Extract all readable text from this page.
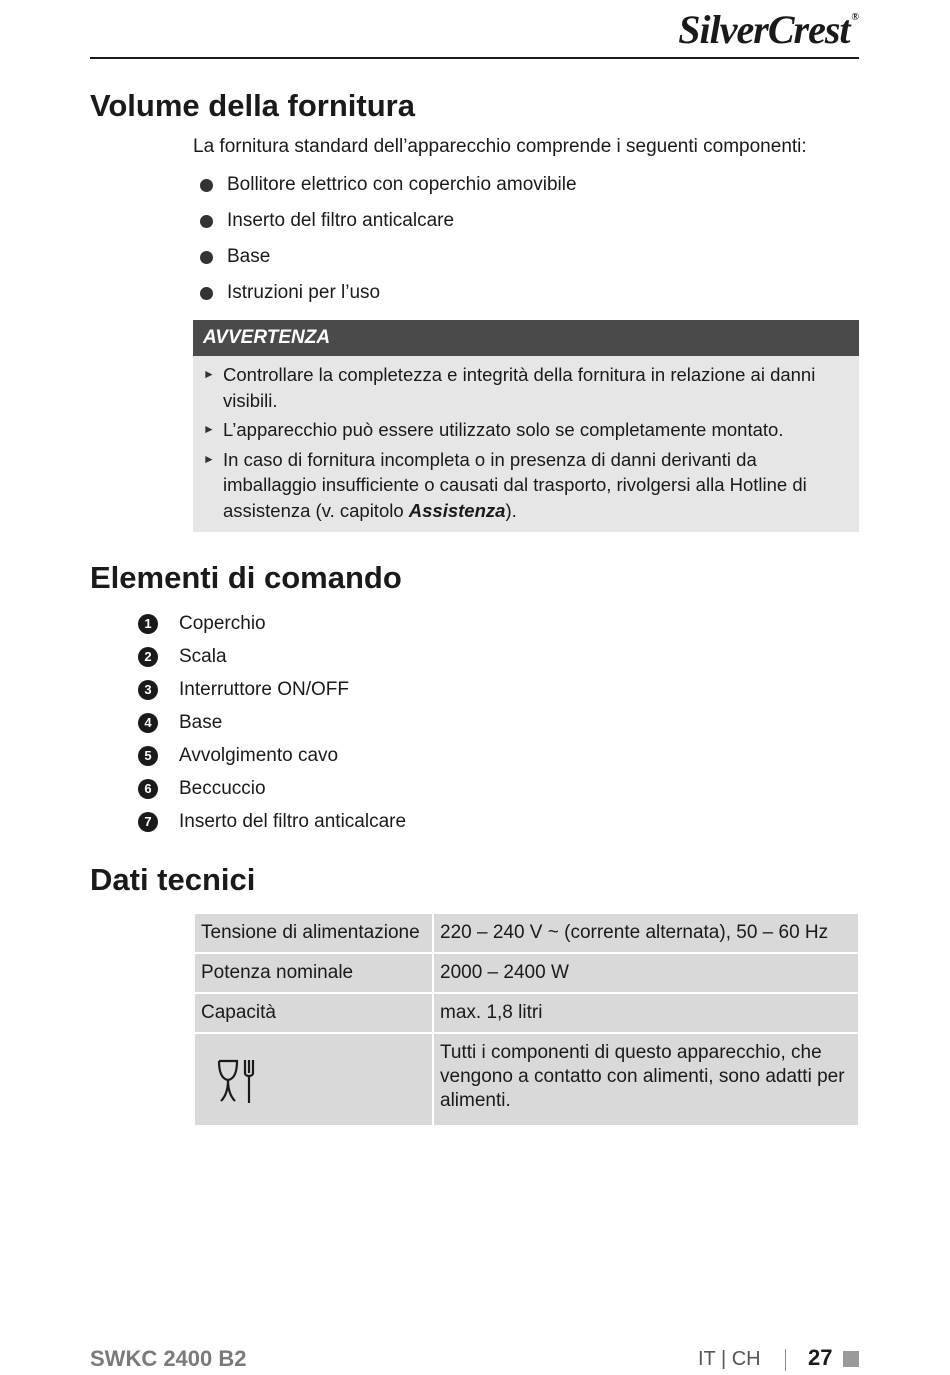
SilverCrest ®
Volume della fornitura
La fornitura standard dell’apparecchio comprende i seguenti componenti:
Bollitore elettrico con coperchio amovibile
Inserto del filtro anticalcare
Base
Istruzioni per l’uso
AVVERTENZA
► Controllare la completezza e integrità della fornitura in relazione ai danni visibili.
► L’apparecchio può essere utilizzato solo se completamente montato.
► In caso di fornitura incompleta o in presenza di danni derivanti da imballaggio insufficiente o causati dal trasporto, rivolgersi alla Hotline di assistenza (v. capitolo Assistenza).
Elementi di comando
1	Coperchio
2	Scala
3	Interruttore ON/OFF
4	Base
5	Avvolgimento cavo
6	Beccuccio
7	Inserto del filtro anticalcare
Dati tecnici
Tensione di alimentazione	220 – 240 V ~ (corrente alternata), 50 – 60 Hz
Potenza nominale	2000 – 2400 W
Capacità	max. 1,8 litri
	Tutti i componenti di questo apparecchio, che vengono a contatto con alimenti, sono adatti per alimenti.
SWKC 2400 B2	IT | CH 27
